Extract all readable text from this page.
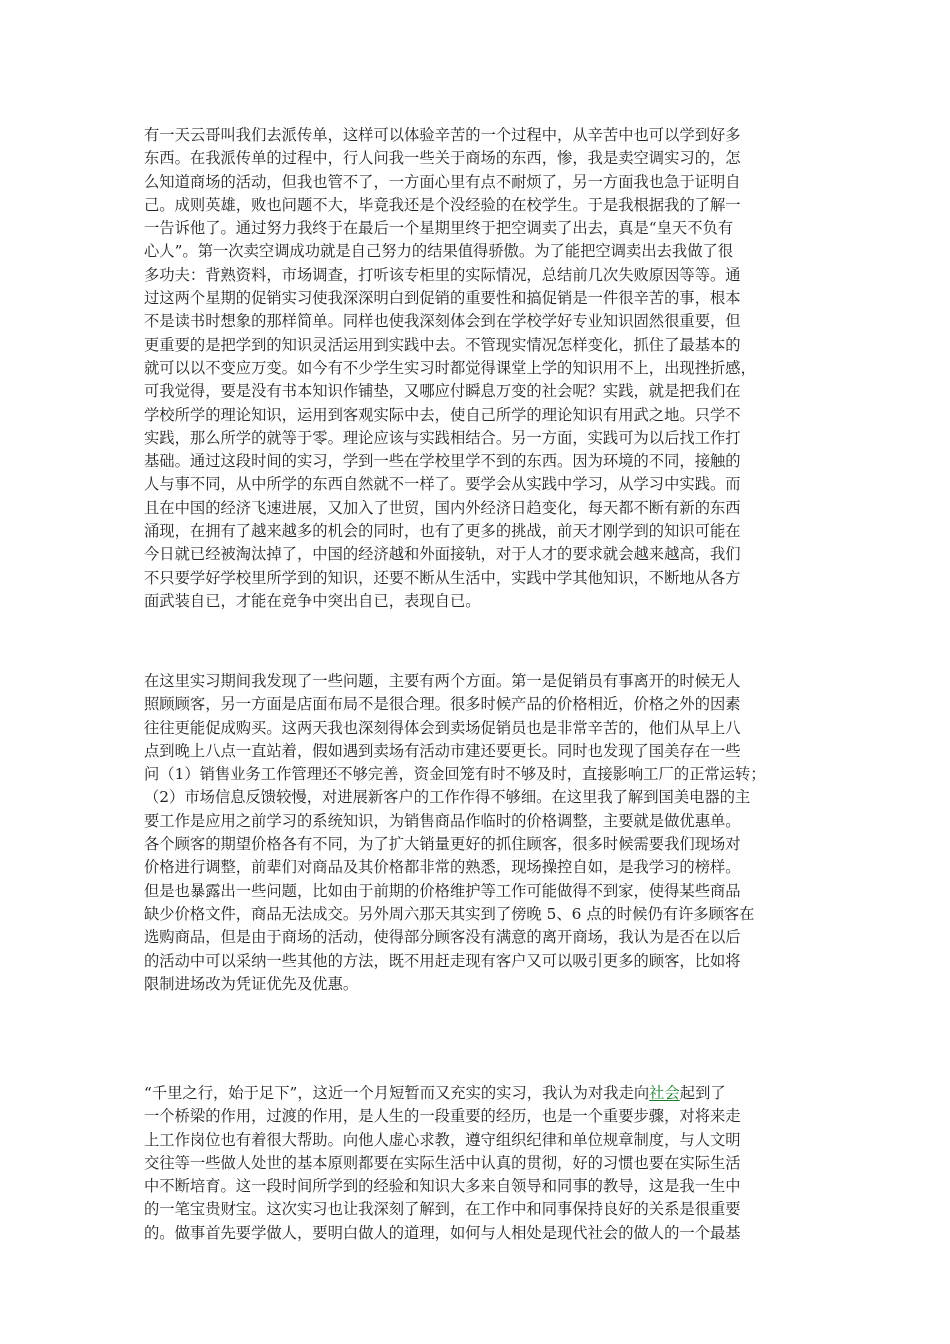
有一天云哥叫我们去派传单，这样可以体验辛苦的一个过程中，从辛苦中也可以学到好多
东西。在我派传单的过程中，行人问我一些关于商场的东西，惨，我是卖空调实习的，怎
么知道商场的活动，但我也管不了，一方面心里有点不耐烦了，另一方面我也急于证明自
己。成则英雄，败也问题不大，毕竟我还是个没经验的在校学生。于是我根据我的了解一
一告诉他了。通过努力我终于在最后一个星期里终于把空调卖了出去，真是“皇天不负有
心人”。第一次卖空调成功就是自己努力的结果值得骄傲。为了能把空调卖出去我做了很
多功夫：背熟资料，市场调查，打听该专柜里的实际情况，总结前几次失败原因等等。通
过这两个星期的促销实习使我深深明白到促销的重要性和搞促销是一件很辛苦的事，根本
不是读书时想象的那样简单。同样也使我深刻体会到在学校学好专业知识固然很重要，但
更重要的是把学到的知识灵活运用到实践中去。不管现实情况怎样变化，抓住了最基本的
就可以以不变应万变。如今有不少学生实习时都觉得课堂上学的知识用不上，出现挫折感，
可我觉得，要是没有书本知识作铺垫，又哪应付瞬息万变的社会呢？实践，就是把我们在
学校所学的理论知识，运用到客观实际中去，使自己所学的理论知识有用武之地。只学不
实践，那么所学的就等于零。理论应该与实践相结合。另一方面，实践可为以后找工作打
基础。通过这段时间的实习，学到一些在学校里学不到的东西。因为环境的不同，接触的
人与事不同，从中所学的东西自然就不一样了。要学会从实践中学习，从学习中实践。而
且在中国的经济飞速进展，又加入了世贸，国内外经济日趋变化，每天都不断有新的东西
涌现，在拥有了越来越多的机会的同时，也有了更多的挑战，前天才刚学到的知识可能在
今日就已经被淘汰掉了，中国的经济越和外面接轨，对于人才的要求就会越来越高，我们
不只要学好学校里所学到的知识，还要不断从生活中，实践中学其他知识，不断地从各方
面武装自已，才能在竞争中突出自已，表现自已。
在这里实习期间我发现了一些问题，主要有两个方面。第一是促销员有事离开的时候无人
照顾顾客，另一方面是店面布局不是很合理。很多时候产品的价格相近，价格之外的因素
往往更能促成购买。这两天我也深刻得体会到卖场促销员也是非常辛苦的，他们从早上八
点到晚上八点一直站着，假如遇到卖场有活动市建还要更长。同时也发现了国美存在一些
问（1）销售业务工作管理还不够完善，资金回笼有时不够及时，直接影响工厂的正常运转；
（2）市场信息反馈较慢，对进展新客户的工作作得不够细。在这里我了解到国美电器的主
要工作是应用之前学习的系统知识，为销售商品作临时的价格调整，主要就是做优惠单。
各个顾客的期望价格各有不同，为了扩大销量更好的抓住顾客，很多时候需要我们现场对
价格进行调整，前辈们对商品及其价格都非常的熟悉，现场操控自如，是我学习的榜样。
但是也暴露出一些问题，比如由于前期的价格维护等工作可能做得不到家，使得某些商品
缺少价格文件，商品无法成交。另外周六那天其实到了傍晚 5、6 点的时候仍有许多顾客在
选购商品，但是由于商场的活动，使得部分顾客没有满意的离开商场，我认为是否在以后
的活动中可以采纳一些其他的方法，既不用赶走现有客户又可以吸引更多的顾客，比如将
限制进场改为凭证优先及优惠。
“千里之行，始于足下”，这近一个月短暂而又充实的实习，我认为对我走向社会起到了
一个桥梁的作用，过渡的作用，是人生的一段重要的经历，也是一个重要步骤，对将来走
上工作岗位也有着很大帮助。向他人虚心求教，遵守组织纪律和单位规章制度，与人文明
交往等一些做人处世的基本原则都要在实际生活中认真的贯彻，好的习惯也要在实际生活
中不断培育。这一段时间所学到的经验和知识大多来自领导和同事的教导，这是我一生中
的一笔宝贵财宝。这次实习也让我深刻了解到，在工作中和同事保持良好的关系是很重要
的。做事首先要学做人，要明白做人的道理，如何与人相处是现代社会的做人的一个最基
